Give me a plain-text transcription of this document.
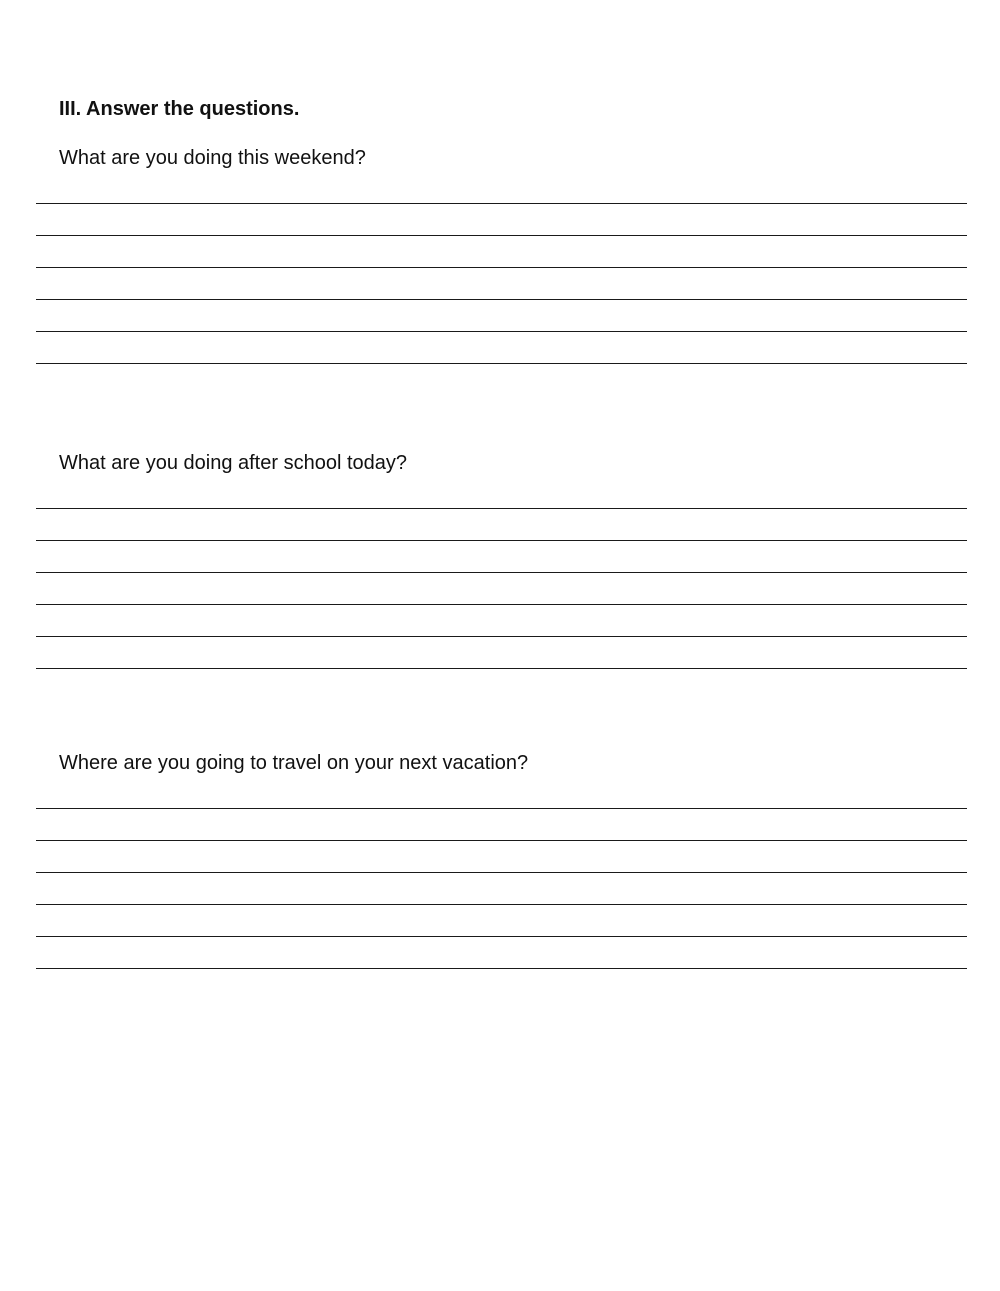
III. Answer the questions.
What are you doing this weekend?
What are you doing after school today?
Where are you going to travel on your next vacation?
